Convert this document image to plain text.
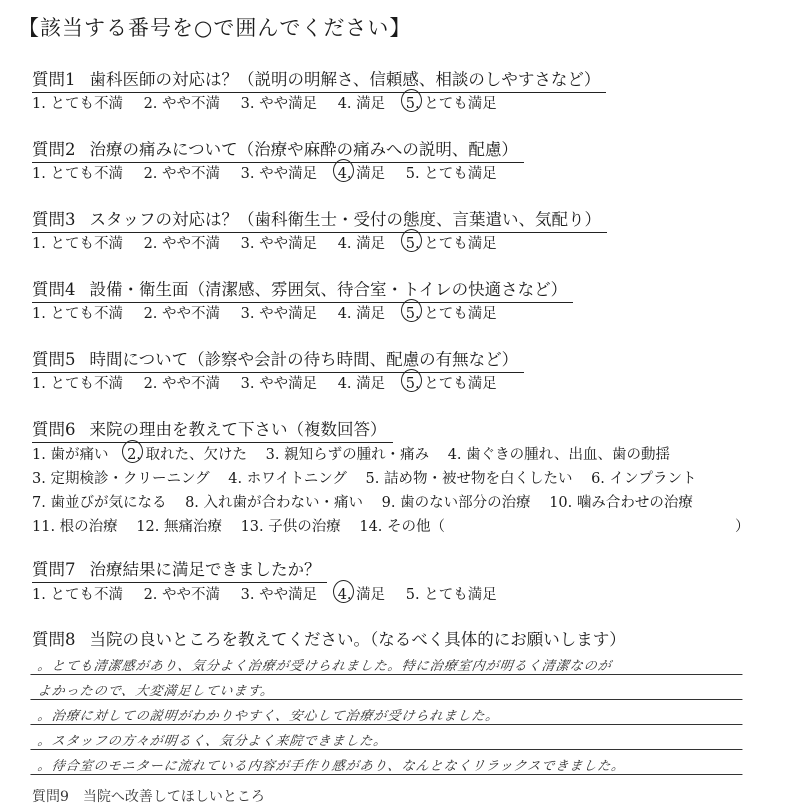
【該当する番号を○で囲んでください】
質問1 歯科医師の対応は？（説明の明解さ、信頼感、相談のしやすさなど）
1. とても不満 2. やや不満 3. やや満足 4. 満足 5. とても満足
質問2 治療の痛みについて（治療や麻酔の痛みへの説明、配慮）
1. とても不満 2. やや不満 3. やや満足 4. 満足 5. とても満足
質問3 スタッフの対応は？（歯科衛生士・受付の態度、言葉遣い、気配り）
1. とても不満 2. やや不満 3. やや満足 4. 満足 5. とても満足
質問4 設備・衛生面（清潔感、雰囲気、待合室・トイレの快適さなど）
1. とても不満 2. やや不満 3. やや満足 4. 満足 5. とても満足
質問5 時間について（診察や会計の待ち時間、配慮の有無など）
1. とても不満 2. やや不満 3. やや満足 4. 満足 5. とても満足
質問6 来院の理由を教えて下さい（複数回答）
1. 歯が痛い 2. 取れた、欠けた 3. 親知らずの腫れ・痛み 4. 歯ぐきの腫れ、出血、歯の動揺
3. 定期検診・クリーニング 4. ホワイトニング 5. 詰め物・被せ物を白くしたい 6. インプラント
7. 歯並びが気になる 8. 入れ歯が合わない・痛い 9. 歯のない部分の治療 10. 噛み合わせの治療
11. 根の治療 12. 無痛治療 13. 子供の治療 14. その他（	）
質問7 治療結果に満足できましたか？
1. とても不満 2. やや不満 3. やや満足 4. 満足 5. とても満足
質問8 当院の良いところを教えてください。（なるべく具体的にお願いします）
。とても清潔感があり、気分よく治療が受けられました。特に治療室内が明るく清潔なのが
よかったので、大変満足しています。
。治療に対しての説明がわかりやすく、安心して治療が受けられました。
。スタッフの方々が明るく、気分よく来院できました。
。待合室のモニターに流れている内容が手作り感があり、なんとなくリラックスできました。
質問9　当院へ改善してほしいところ
